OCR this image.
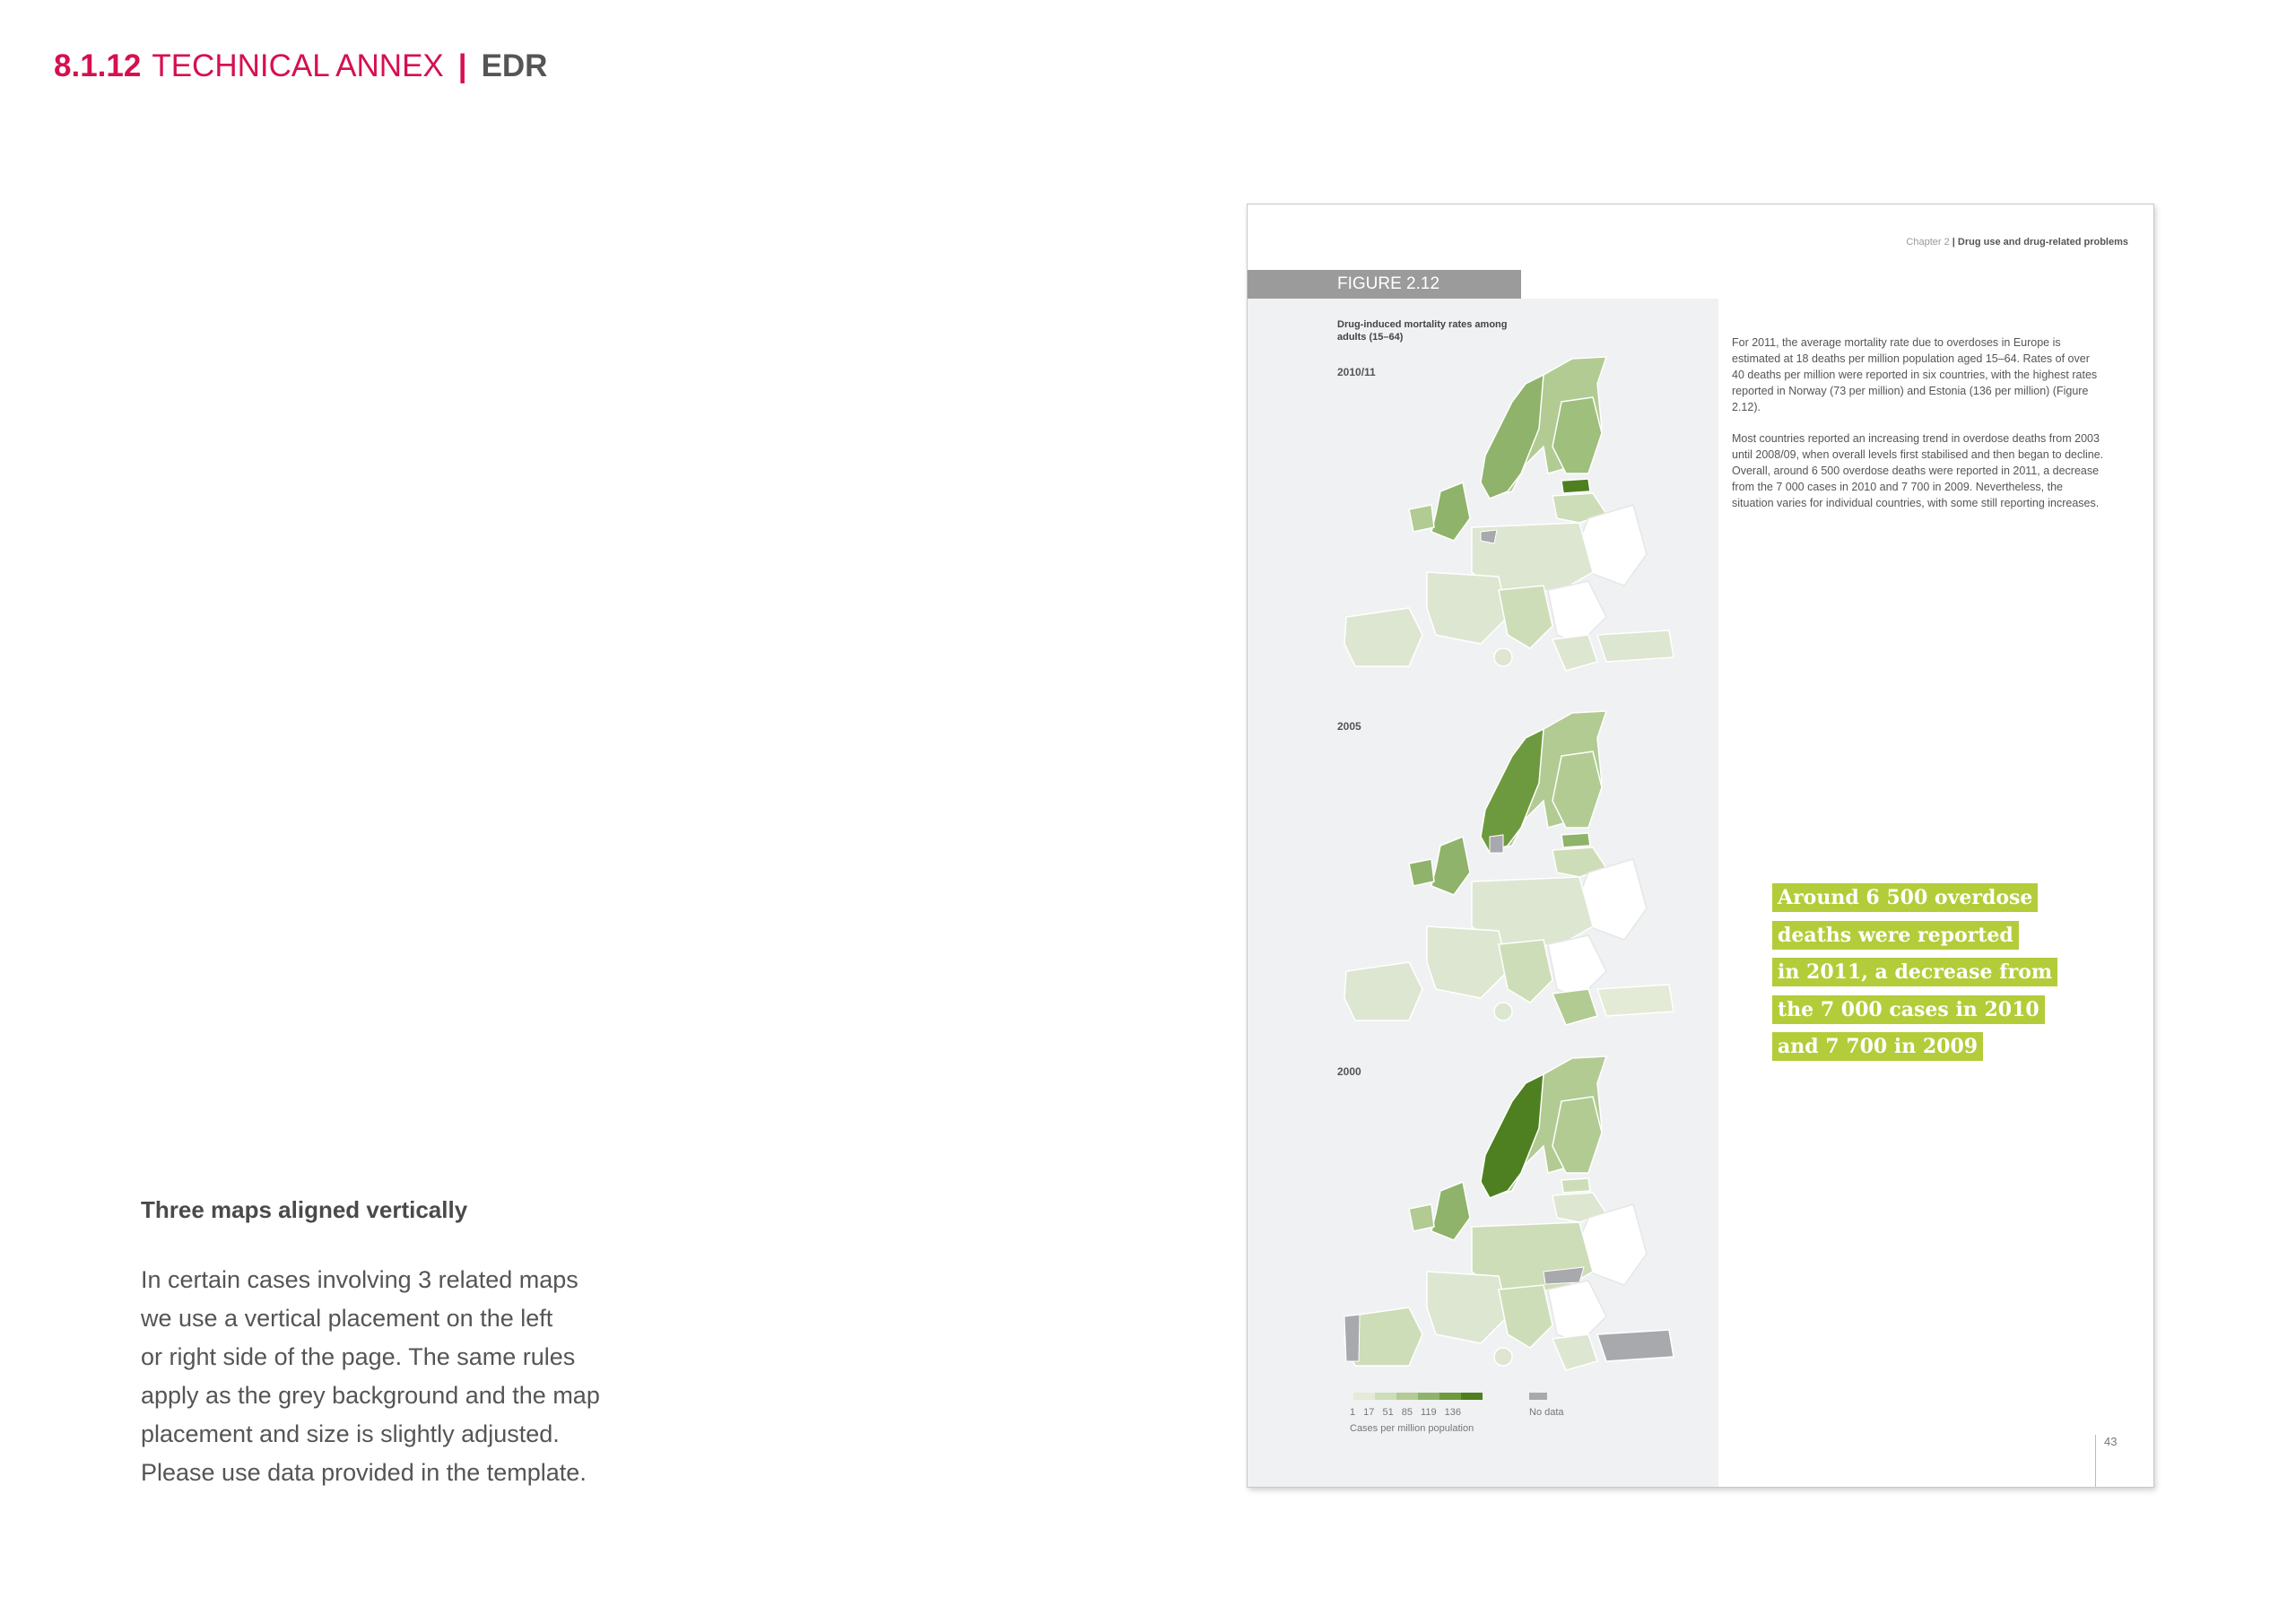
8.1.12 TECHNICAL ANNEX | EDR
Three maps aligned vertically
In certain cases involving 3 related maps
we use a vertical placement on the left
or right side of the page. The same rules
apply as the grey background and the map
placement and size is slightly adjusted.
Please use data provided in the template.
Chapter 2 | Drug use and drug-related problems
FIGURE 2.12
Drug-induced mortality rates among adults (15–64)
2010/11
2005
2000
1 17 51 85 119 136	No data
Cases per million population

For 2011, the average mortality rate due to overdoses in Europe is estimated at 18 deaths per million population aged 15–64. Rates of over 40 deaths per million were reported in six countries, with the highest rates reported in Norway (73 per million) and Estonia (136 per million) (Figure 2.12).

Most countries reported an increasing trend in overdose deaths from 2003 until 2008/09, when overall levels first stabilised and then began to decline. Overall, around 6 500 overdose deaths were reported in 2011, a decrease from the 7 000 cases in 2010 and 7 700 in 2009. Nevertheless, the situation varies for individual countries, with some still reporting increases.

Around 6 500 overdose
deaths were reported
in 2011, a decrease from
the 7 000 cases in 2010
and 7 700 in 2009
43
